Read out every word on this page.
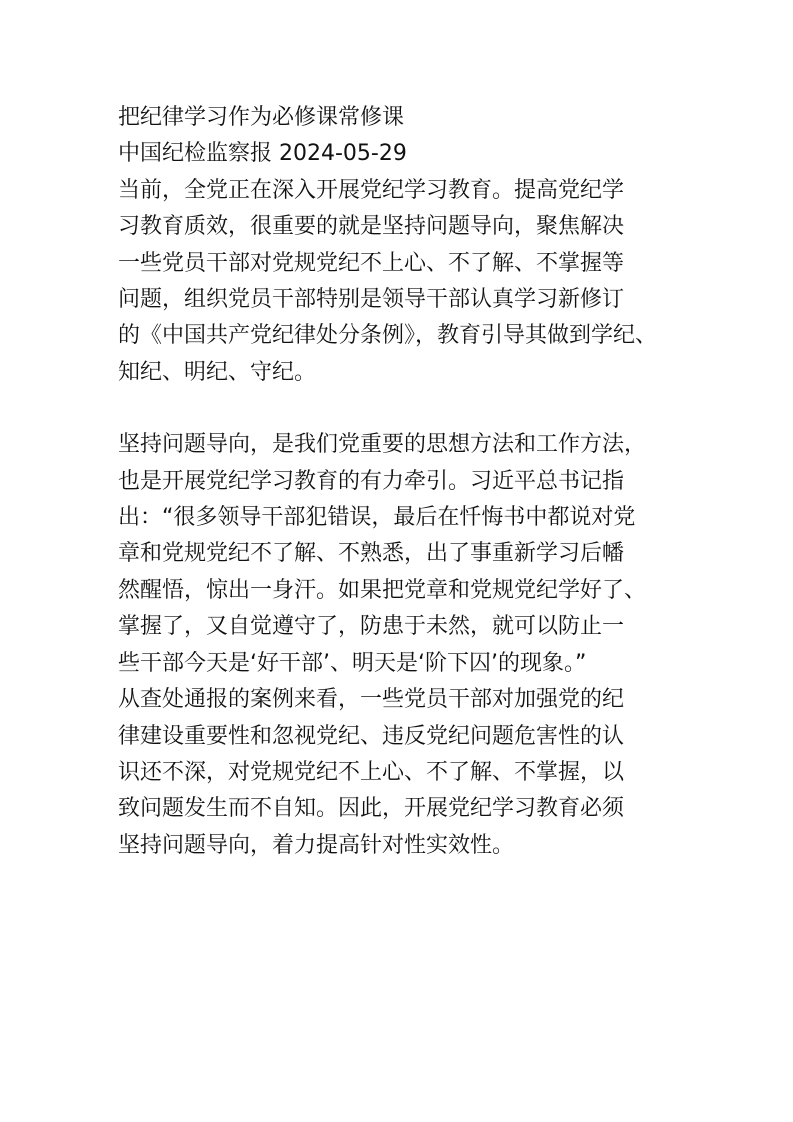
把纪律学习作为必修课常修课
中国纪检监察报 2024-05-29
当前，全党正在深入开展党纪学习教育。提高党纪学
习教育质效，很重要的就是坚持问题导向，聚焦解决
一些党员干部对党规党纪不上心、不了解、不掌握等
问题，组织党员干部特别是领导干部认真学习新修订
的《中国共产党纪律处分条例》，教育引导其做到学纪、
知纪、明纪、守纪。
坚持问题导向，是我们党重要的思想方法和工作方法，
也是开展党纪学习教育的有力牵引。习近平总书记指
出：“很多领导干部犯错误，最后在忏悔书中都说对党
章和党规党纪不了解、不熟悉，出了事重新学习后幡
然醒悟，惊出一身汗。如果把党章和党规党纪学好了、
掌握了，又自觉遵守了，防患于未然，就可以防止一
些干部今天是‘好干部’、明天是‘阶下囚’的现象。”
从查处通报的案例来看，一些党员干部对加强党的纪
律建设重要性和忽视党纪、违反党纪问题危害性的认
识还不深，对党规党纪不上心、不了解、不掌握，以
致问题发生而不自知。因此，开展党纪学习教育必须
坚持问题导向，着力提高针对性实效性。
